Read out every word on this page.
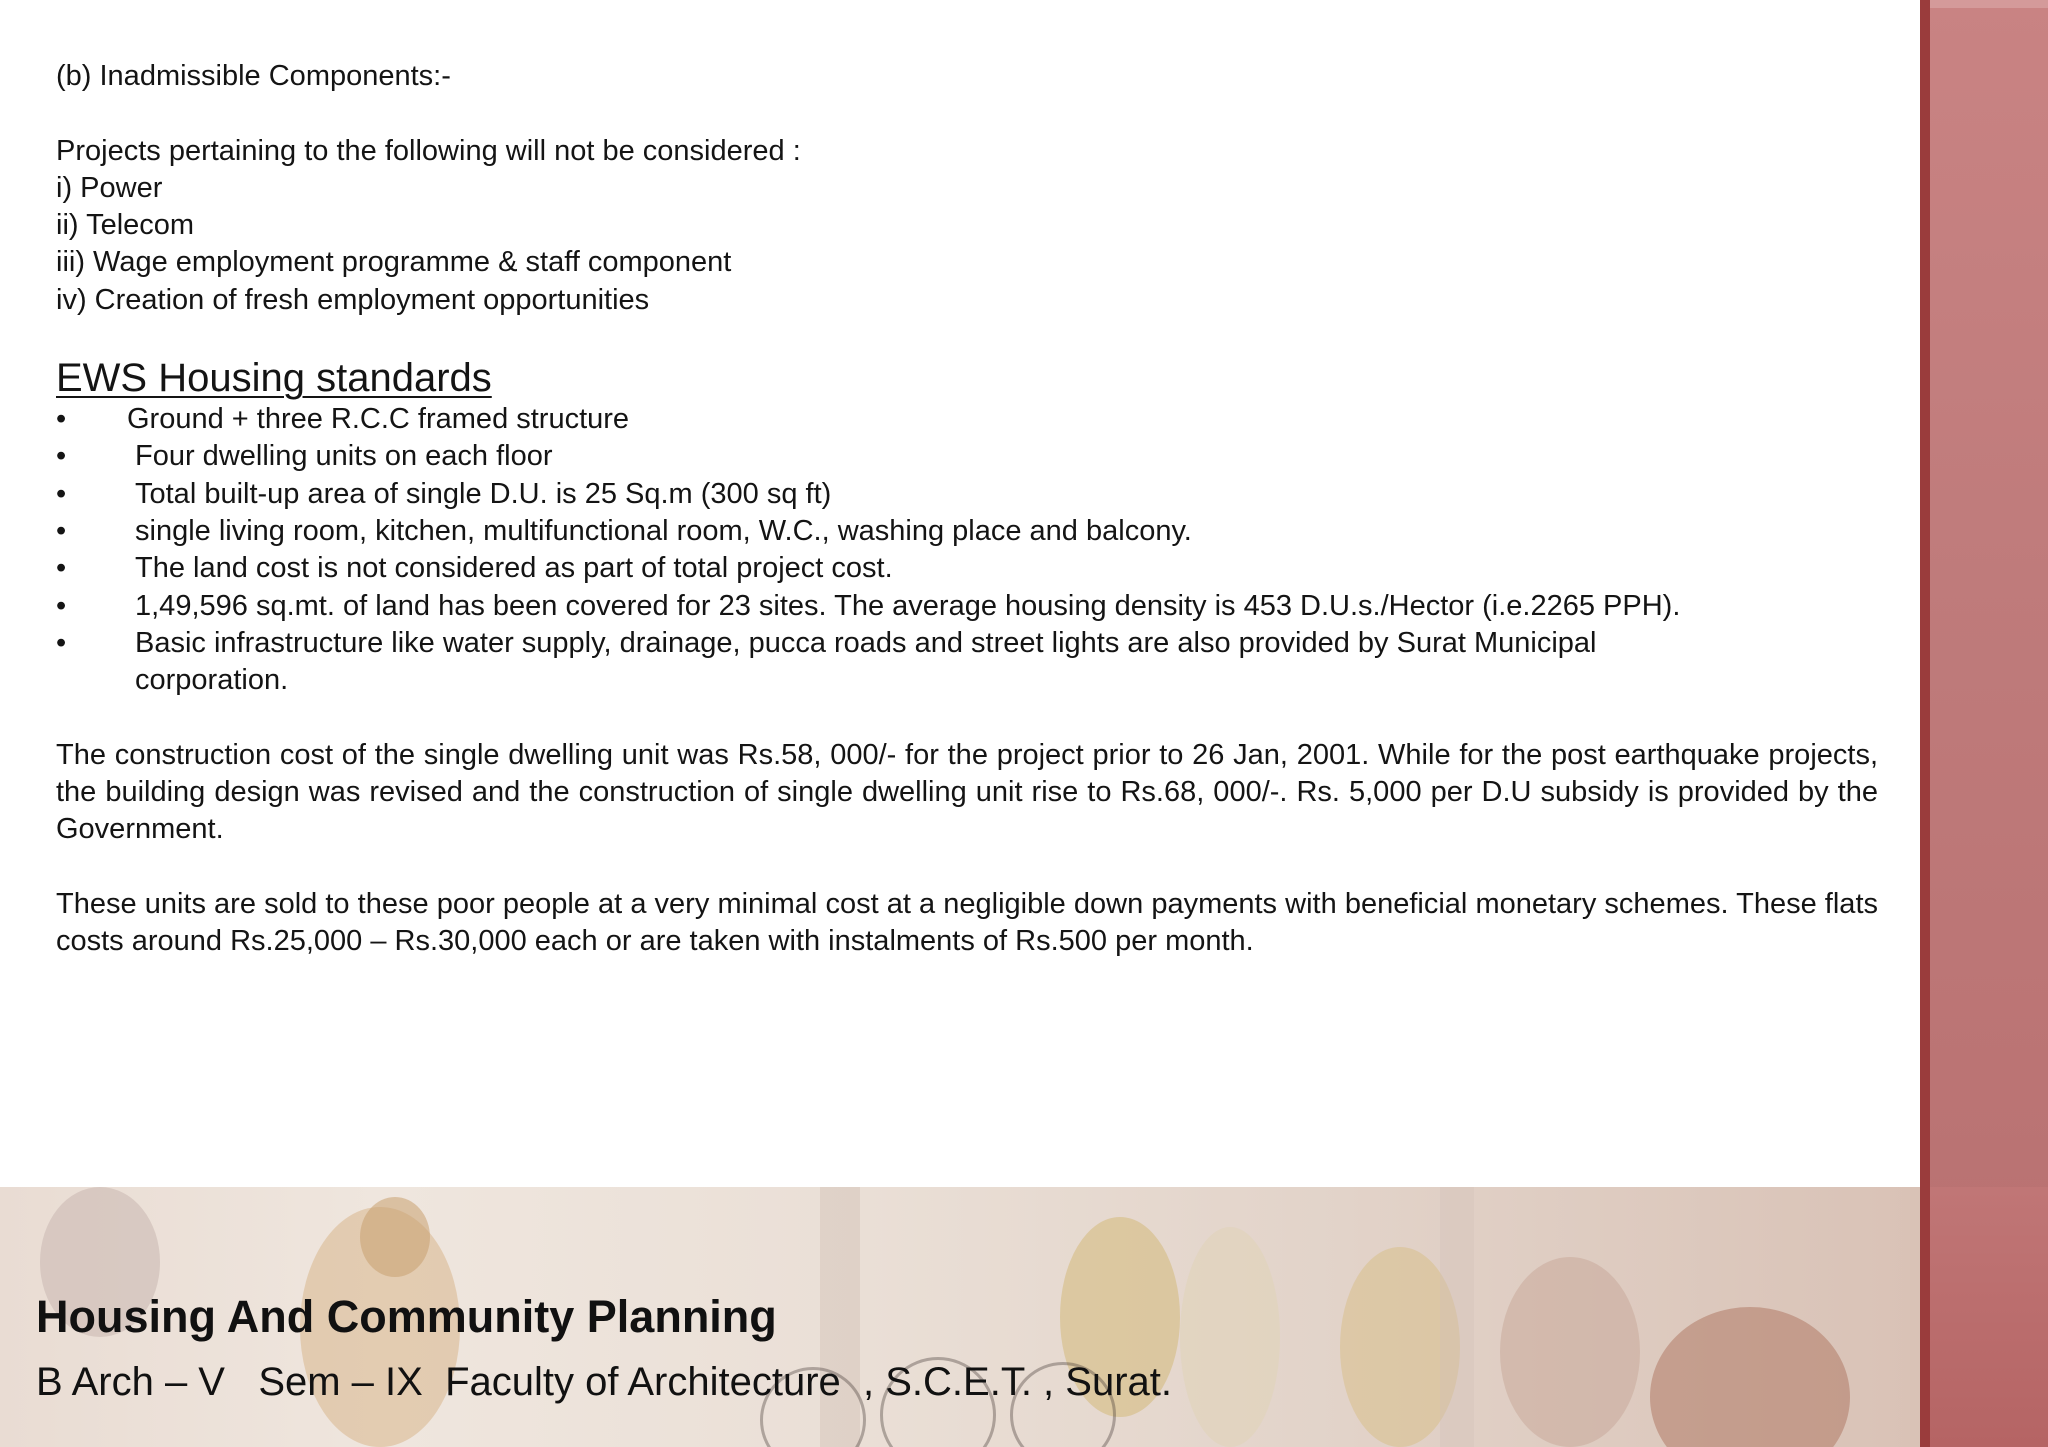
(b) Inadmissible Components:-

Projects pertaining to the following will not be considered :

i) Power

ii) Telecom

iii) Wage employment programme & staff component

iv) Creation of fresh employment opportunities

EWS Housing standards

• Ground + three R.C.C framed structure
• Four dwelling units on each floor
• Total built-up area of single D.U. is 25 Sq.m (300 sq ft)
• single living room, kitchen, multifunctional room, W.C., washing place and balcony.
• The land cost is not considered as part of total project cost.
• 1,49,596 sq.mt. of land has been covered for 23 sites. The average housing density is 453 D.U.s./Hector (i.e.2265 PPH).
• Basic infrastructure like water supply, drainage, pucca roads and street lights are also provided by Surat Municipal
corporation.

The construction cost of the single dwelling unit was Rs.58, 000/- for the project prior to 26 Jan, 2001. While for the post earthquake projects, the building design was revised and the construction of single dwelling unit rise to Rs.68, 000/-. Rs. 5,000 per D.U subsidy is provided by the Government.

These units are sold to these poor people at a very minimal cost at a negligible down payments with beneficial monetary schemes. These flats costs around Rs.25,000 – Rs.30,000 each or are taken with instalments of Rs.500 per month.

Housing And Community Planning
B Arch – V   Sem – IX  Faculty of Architecture  , S.C.E.T. , Surat.
